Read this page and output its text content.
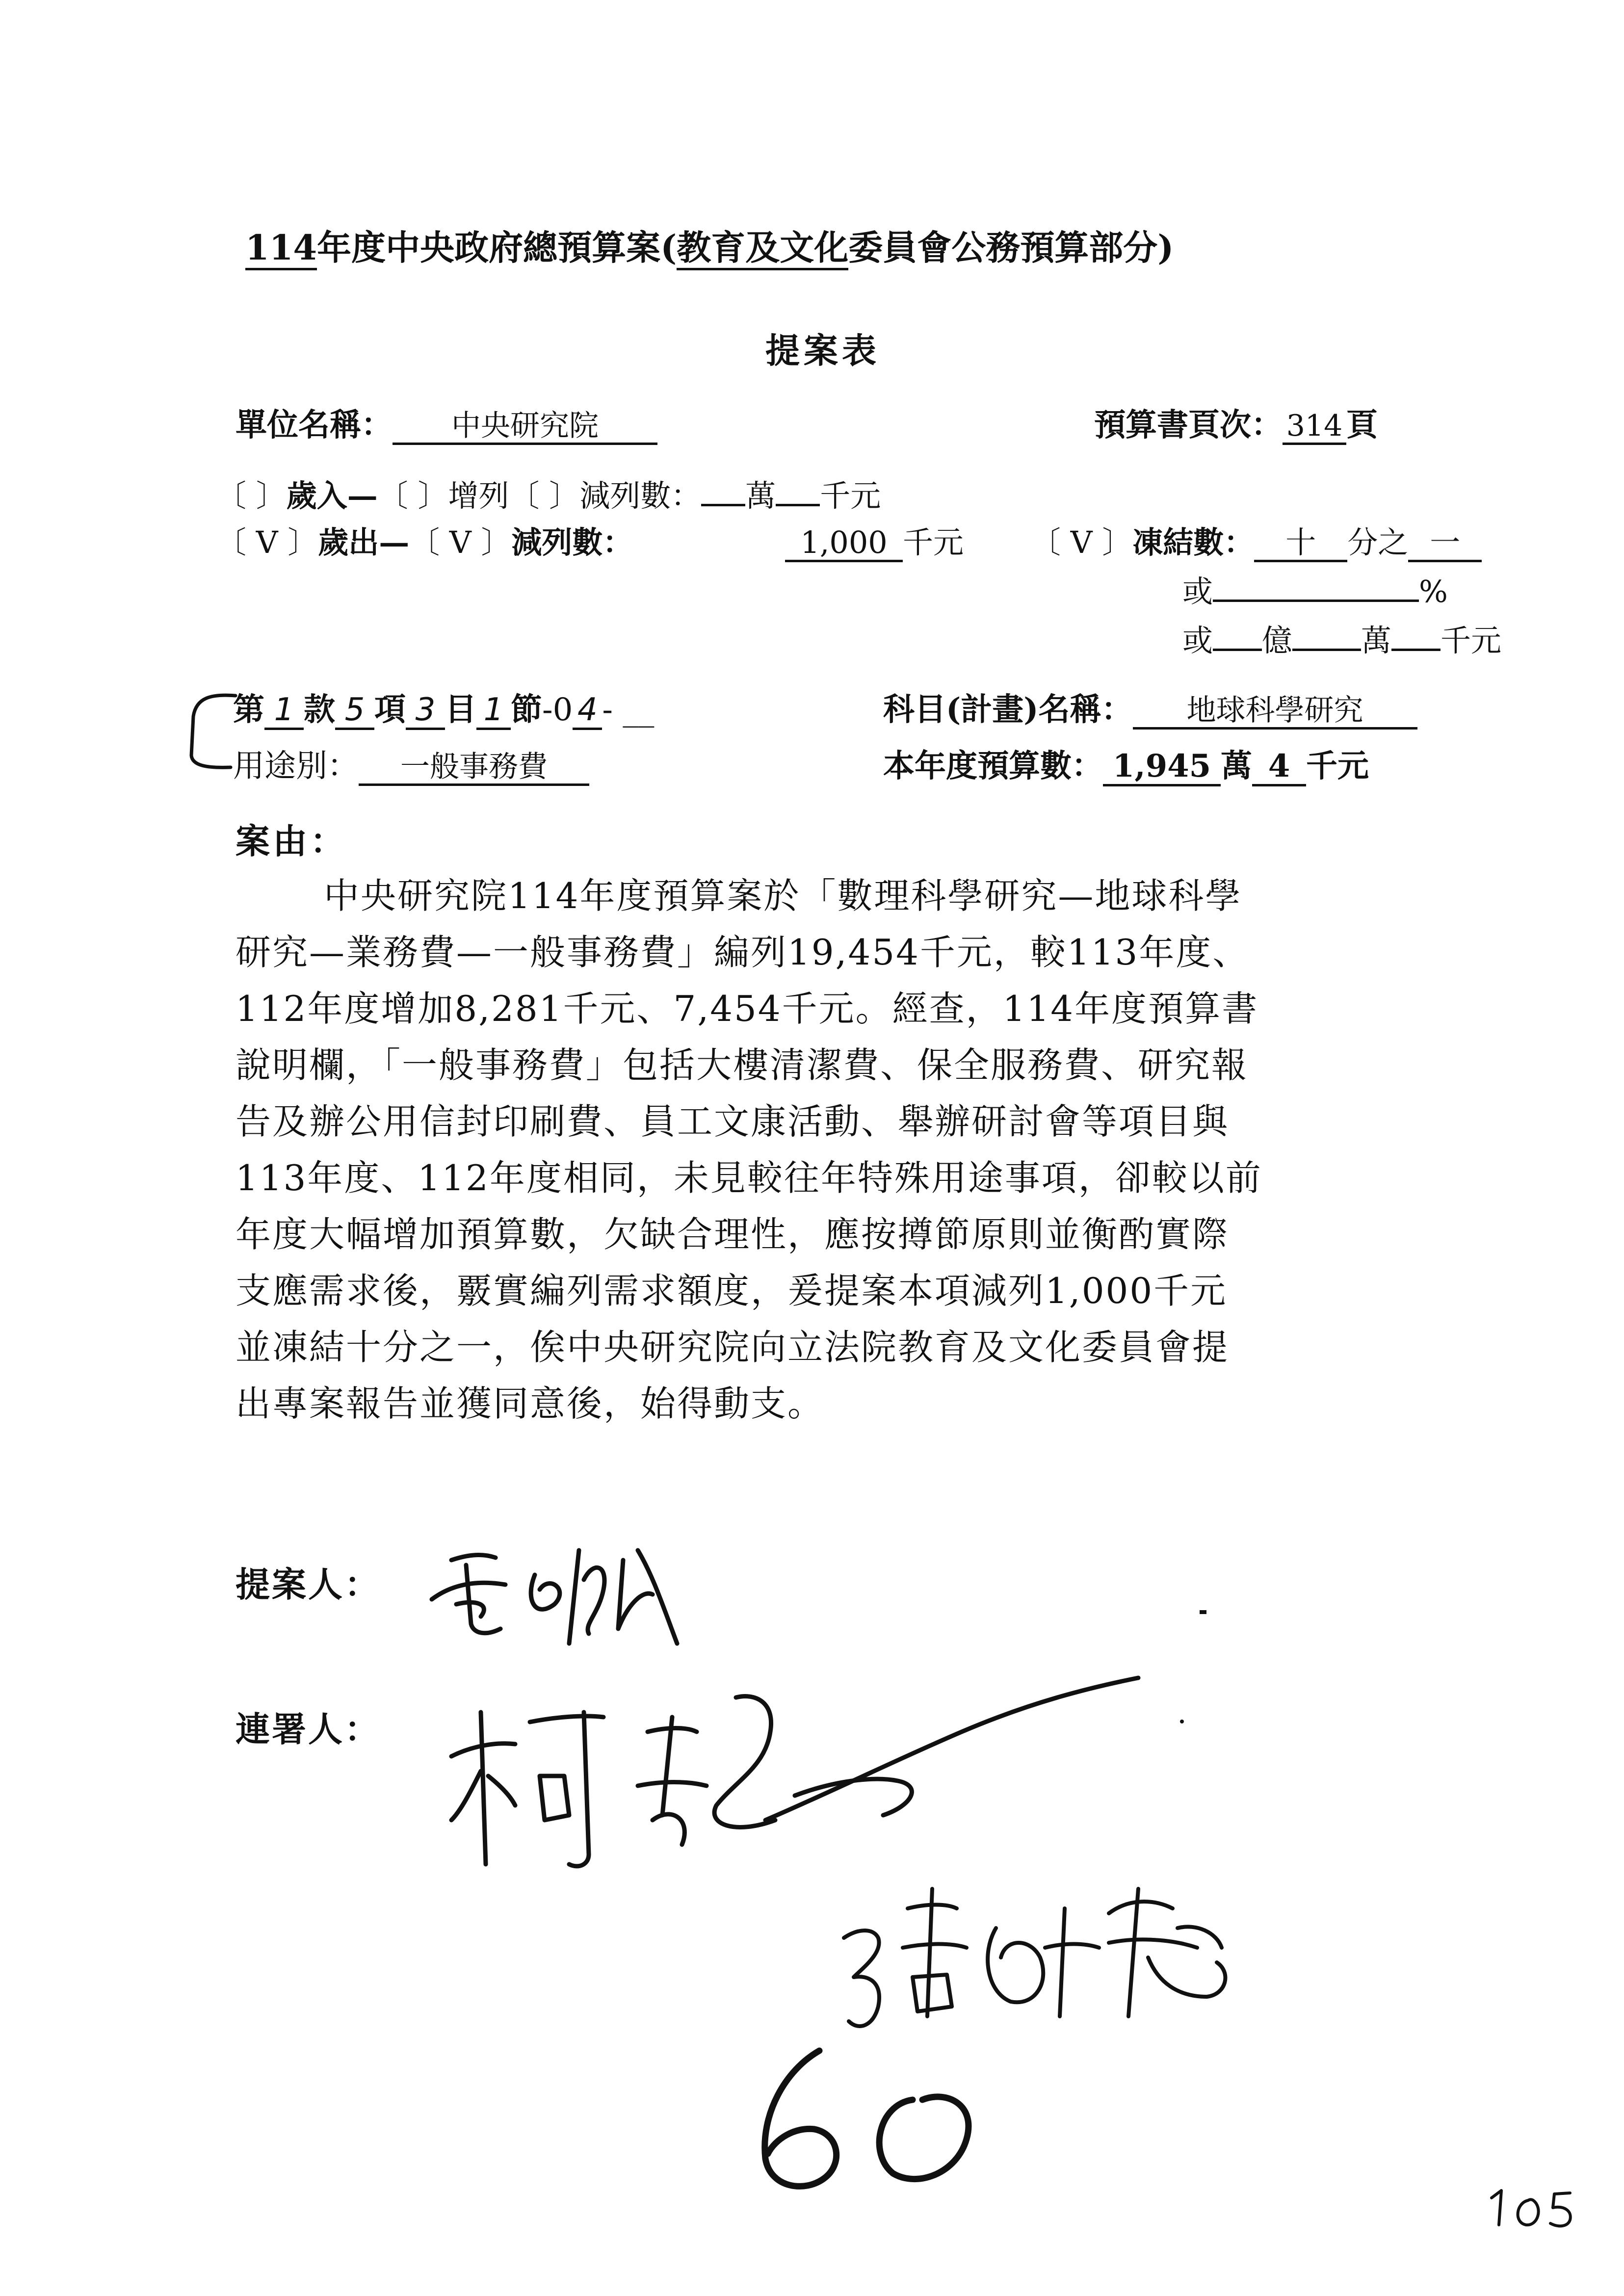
114年度中央政府總預算案(教育及文化委員會公務預算部分)
提案表
單位名稱： 中央研究院	預算書頁次： 314 頁
〔 〕歲入—〔 〕增列〔 〕減列數： 萬 千元
〔 V 〕歲出—〔 V 〕減列數：	1,000 千元 〔 V 〕凍結數： 十 分之 一
或	%
或 億 萬 千元
第 1 款 5 項 3 目 1 節-0 4 - __	科目(計畫)名稱： 地球科學研究
用途別： 一般事務費	本年度預算數： 1,945 萬 4 千元
案由：
中央研究院114年度預算案於「數理科學研究—地球科學
研究—業務費—一般事務費」編列19,454千元，較113年度、
112年度增加8,281千元、7,454千元。經查，114年度預算書
說明欄，「一般事務費」包括大樓清潔費、保全服務費、研究報
告及辦公用信封印刷費、員工文康活動、舉辦研討會等項目與
113年度、112年度相同，未見較往年特殊用途事項，卻較以前
年度大幅增加預算數，欠缺合理性，應按撙節原則並衡酌實際
支應需求後，覈實編列需求額度，爰提案本項減列1,000千元
並凍結十分之一，俟中央研究院向立法院教育及文化委員會提
出專案報告並獲同意後，始得動支。
提案人：
連署人：
60
105
